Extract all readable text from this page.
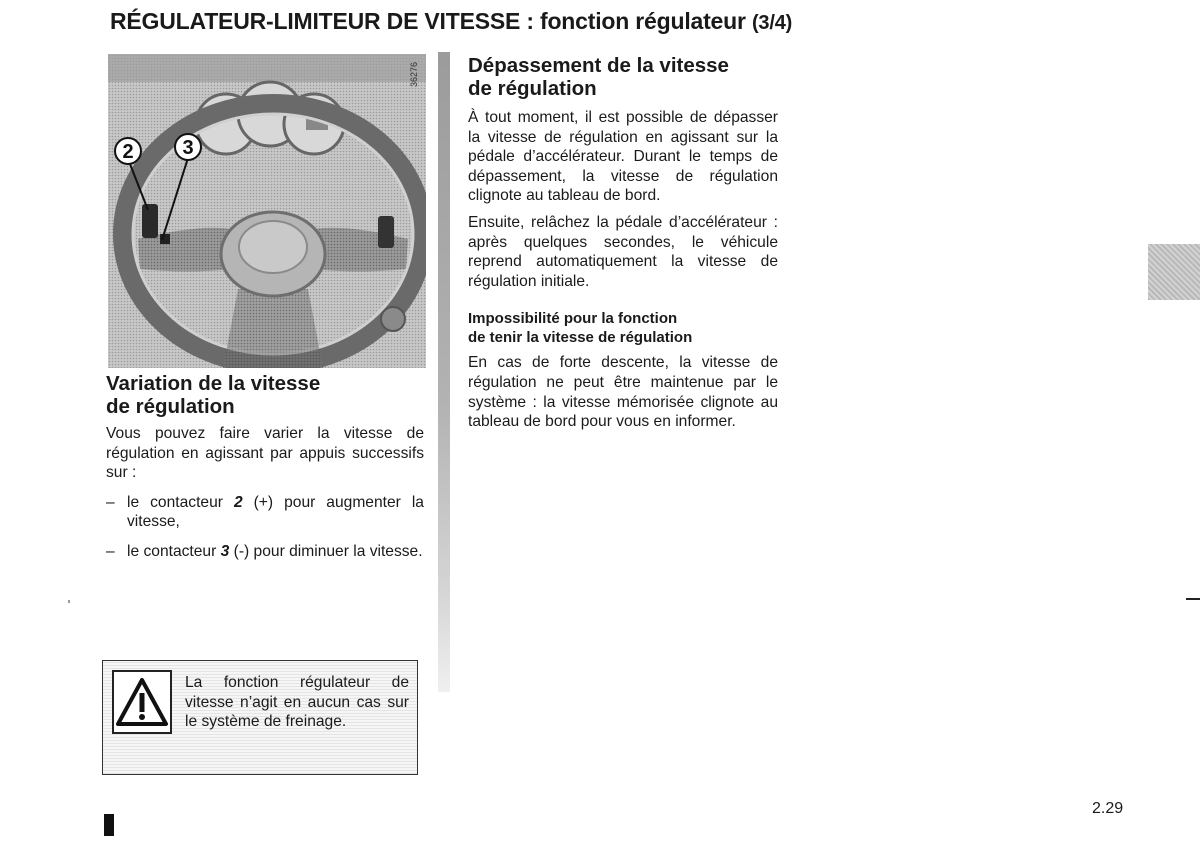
RÉGULATEUR-LIMITEUR DE VITESSE : fonction régulateur (3/4)
2 3
36276
Variation de la vitesse
de régulation

Vous pouvez faire varier la vitesse de régulation en agissant par appuis successifs sur :

– le contacteur 2 (+) pour augmenter la vitesse,
– le contacteur 3 (-) pour diminuer la vitesse.
La fonction régulateur de vitesse n’agit en aucun cas sur le système de freinage.
Dépassement de la vitesse
de régulation

À tout moment, il est possible de dépasser la vitesse de régulation en agissant sur la pédale d’accélérateur. Durant le temps de dépassement, la vitesse de régulation clignote au tableau de bord.

Ensuite, relâchez la pédale d’accélérateur : après quelques secondes, le véhicule reprend automatiquement la vitesse de régulation initiale.

Impossibilité pour la fonction
de tenir la vitesse de régulation

En cas de forte descente, la vitesse de régulation ne peut être maintenue par le système : la vitesse mémorisée clignote au tableau de bord pour vous en informer.

2.29
